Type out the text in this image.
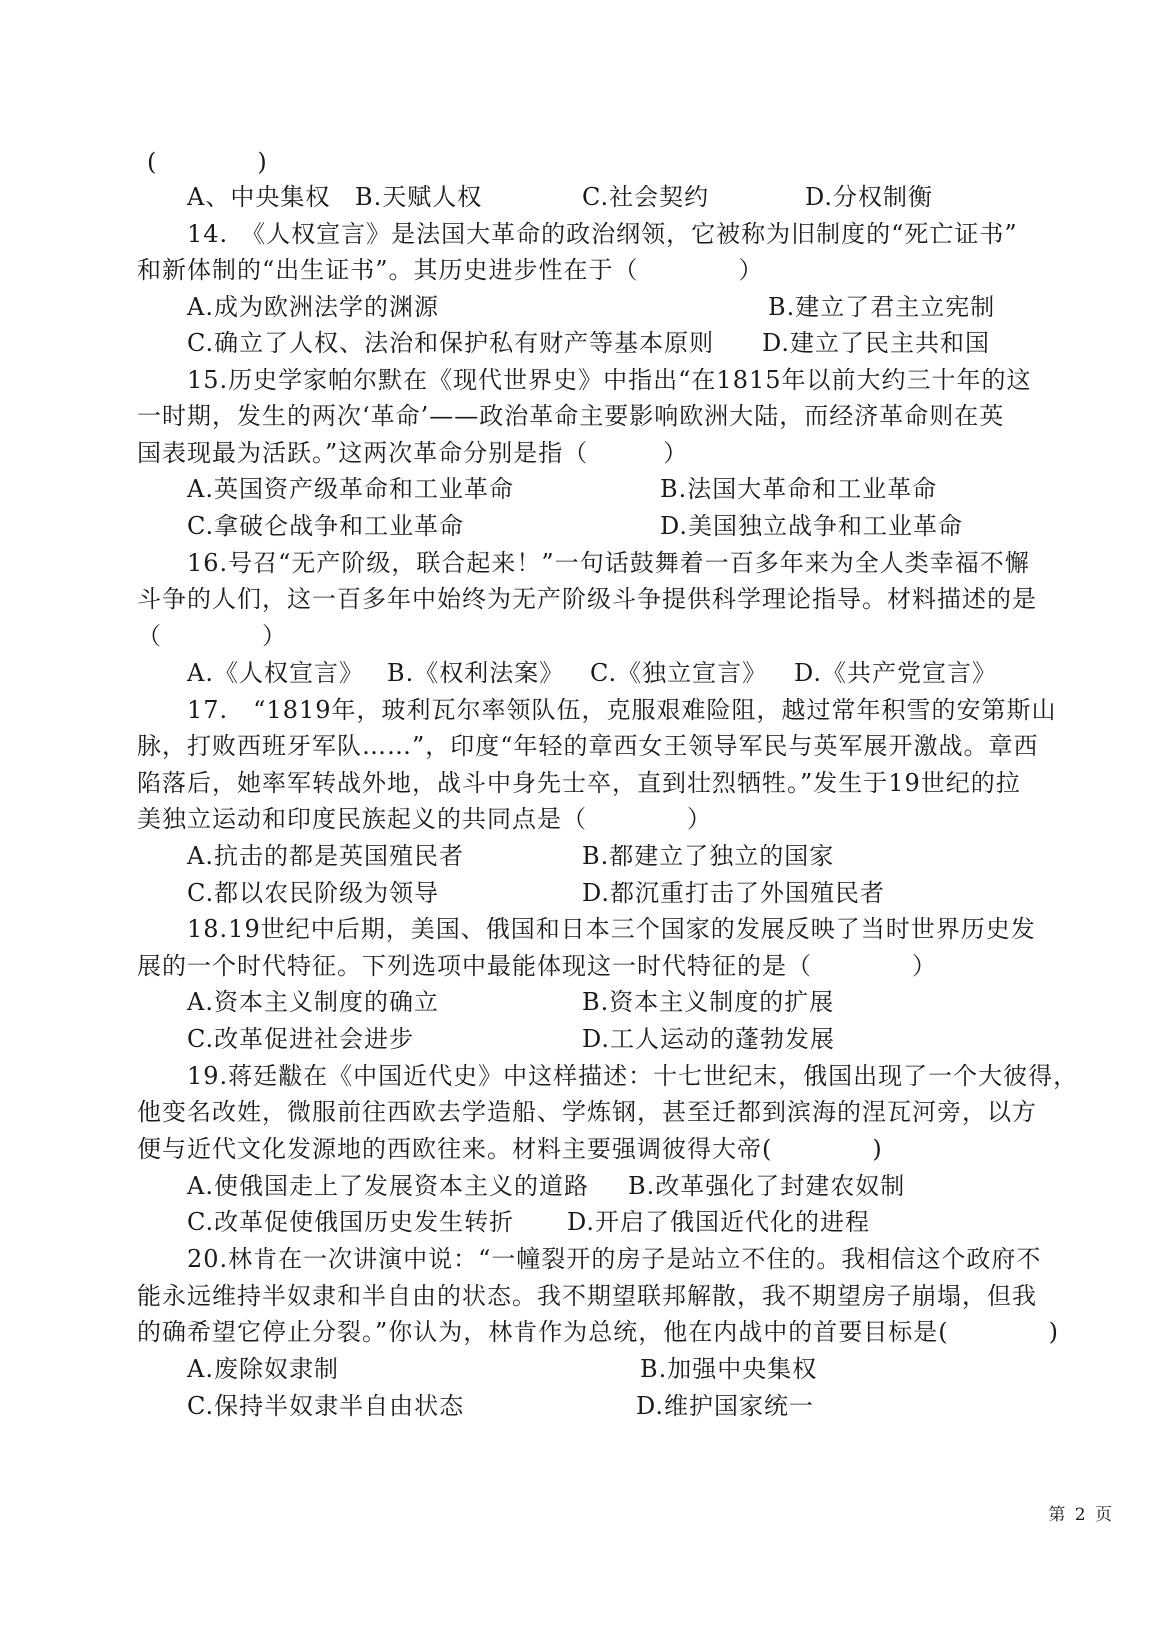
(　　　　)
A、中央集权 B.天赋人权	C.社会契约	D.分权制衡
14.　《人权宣言》是法国大革命的政治纲领，它被称为旧制度的“死亡证书”
和新体制的“出生证书”。其历史进步性在于（　　　　）
A.成为欧洲法学的渊源	B.建立了君主立宪制
C.确立了人权、法治和保护私有财产等基本原则 D.建立了民主共和国
15.历史学家帕尔默在《现代世界史》中指出“在1815年以前大约三十年的这
一时期，发生的两次‘革命’——政治革命主要影响欧洲大陆，而经济革命则在英
国表现最为活跃。”这两次革命分别是指（　　　）
A.英国资产级革命和工业革命	B.法国大革命和工业革命
C.拿破仑战争和工业革命	D.美国独立战争和工业革命
16.号召“无产阶级，联合起来！”一句话鼓舞着一百多年来为全人类幸福不懈
斗争的人们，这一百多年中始终为无产阶级斗争提供科学理论指导。材料描述的是
（　　　　）
A.《人权宣言》 B.《权利法案》 C.《独立宣言》 D.《共产党宣言》
17.　“1819年，玻利瓦尔率领队伍，克服艰难险阻，越过常年积雪的安第斯山
脉，打败西班牙军队……”，印度“年轻的章西女王领导军民与英军展开激战。章西
陷落后，她率军转战外地，战斗中身先士卒，直到壮烈牺牲。”发生于19世纪的拉
美独立运动和印度民族起义的共同点是（　　　　）
A.抗击的都是英国殖民者	B.都建立了独立的国家
C.都以农民阶级为领导	D.都沉重打击了外国殖民者
18.19世纪中后期，美国、俄国和日本三个国家的发展反映了当时世界历史发
展的一个时代特征。下列选项中最能体现这一时代特征的是（　　　　）
A.资本主义制度的确立	B.资本主义制度的扩展
C.改革促进社会进步	D.工人运动的蓬勃发展
19.蒋廷黻在《中国近代史》中这样描述：十七世纪末，俄国出现了一个大彼得，
他变名改姓，微服前往西欧去学造船、学炼钢，甚至迁都到滨海的涅瓦河旁，以方
便与近代文化发源地的西欧往来。材料主要强调彼得大帝(　　　　)
A.使俄国走上了发展资本主义的道路 B.改革强化了封建农奴制
C.改革促使俄国历史发生转折 D.开启了俄国近代化的进程
20.林肯在一次讲演中说：“一幢裂开的房子是站立不住的。我相信这个政府不
能永远维持半奴隶和半自由的状态。我不期望联邦解散，我不期望房子崩塌，但我
的确希望它停止分裂。”你认为，林肯作为总统，他在内战中的首要目标是(　　　　)
A.废除奴隶制	B.加强中央集权
C.保持半奴隶半自由状态	D.维护国家统一
第 2 页
